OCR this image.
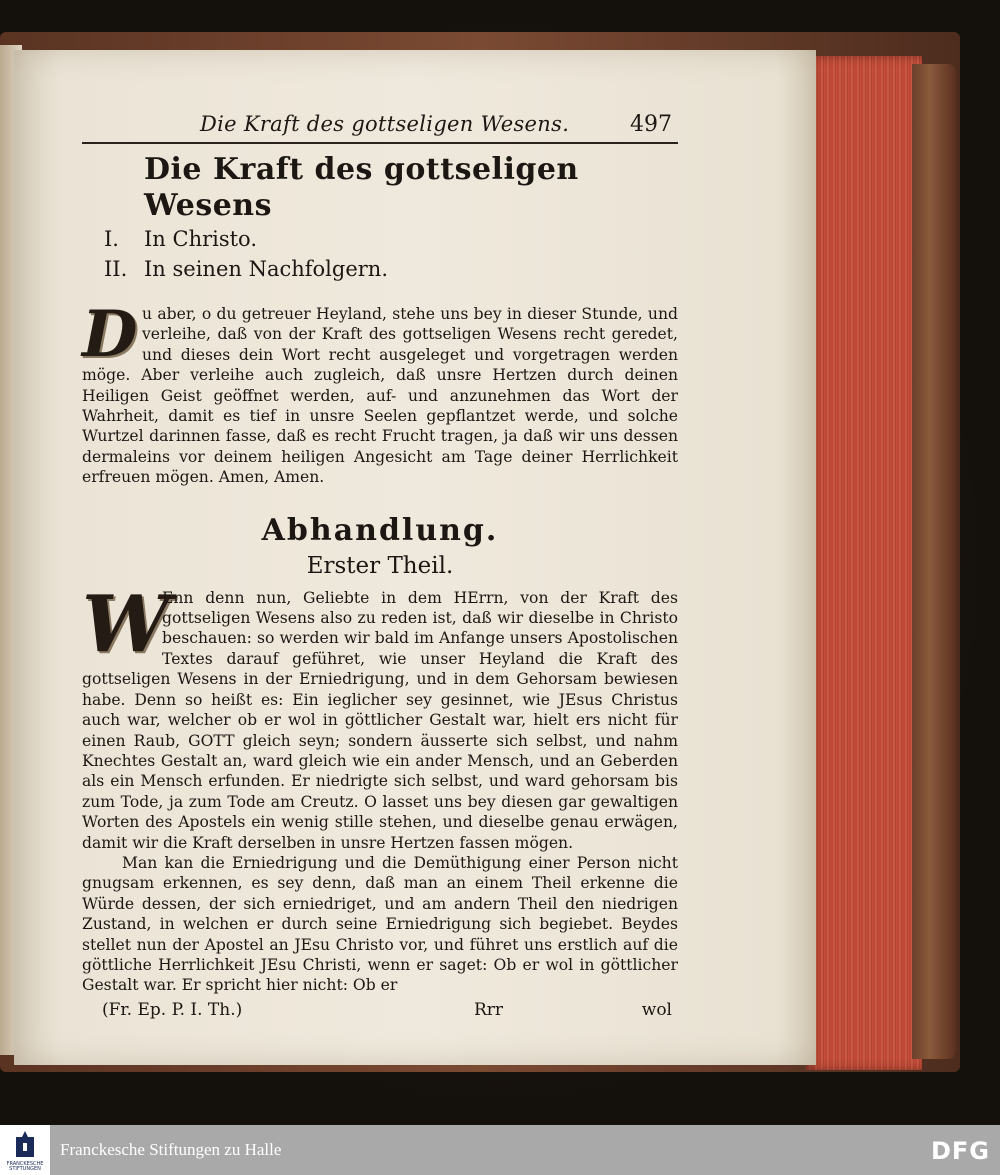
Die Kraft des gottseligen Wesens.	497
Die Kraft des gottseligen Wesens
I. In Christo.
II. In seinen Nachfolgern.

Du aber, o du getreuer Heyland, stehe uns bey in dieser Stunde, und verleihe, daß von der Kraft des gottseligen Wesens recht geredet, und dieses dein Wort recht ausgeleget und vorgetragen werden möge. Aber verleihe auch zugleich, daß unsre Hertzen durch deinen Heiligen Geist geöffnet werden, auf- und anzunehmen das Wort der Wahrheit, damit es tief in unsre Seelen gepflantzet werde, und solche Wurtzel darinnen fasse, daß es recht Frucht tragen, ja daß wir uns dessen dermaleins vor deinem heiligen Angesicht am Tage deiner Herrlichkeit erfreuen mögen. Amen, Amen.

Abhandlung.
Erster Theil.

W
Enn denn nun, Geliebte in dem HErrn, von der Kraft des gottseligen Wesens also zu reden ist, daß wir dieselbe in Christo beschauen: so werden wir bald im Anfange unsers Apostolischen Textes darauf geführet, wie unser Heyland die Kraft des gottseligen Wesens in der Erniedrigung, und in dem Gehorsam bewiesen habe. Denn so heißt es: Ein ieglicher sey gesinnet, wie JEsus Christus auch war, welcher ob er wol in göttlicher Gestalt war, hielt ers nicht für einen Raub, GOTT gleich seyn; sondern äusserte sich selbst, und nahm Knechtes Gestalt an, ward gleich wie ein ander Mensch, und an Geberden als ein Mensch erfunden. Er niedrigte sich selbst, und ward gehorsam bis zum Tode, ja zum Tode am Creutz. O lasset uns bey diesen gar gewaltigen Worten des Apostels ein wenig stille stehen, und dieselbe genau erwägen, damit wir die Kraft derselben in unsre Hertzen fassen mögen.

Man kan die Erniedrigung und die Demüthigung einer Person nicht gnugsam erkennen, es sey denn, daß man an einem Theil erkenne die Würde dessen, der sich erniedriget, und am andern Theil den niedrigen Zustand, in welchen er durch seine Erniedrigung sich begiebet. Beydes stellet nun der Apostel an JEsu Christo vor, und führet uns erstlich auf die göttliche Herrlichkeit JEsu Christi, wenn er saget: Ob er wol in göttlicher Gestalt war. Er spricht hier nicht: Ob er

(Fr. Ep. P. I. Th.)	Rrr	wol
FRANCKESCHE STIFTUNGEN
Franckesche Stiftungen zu Halle	DFG
